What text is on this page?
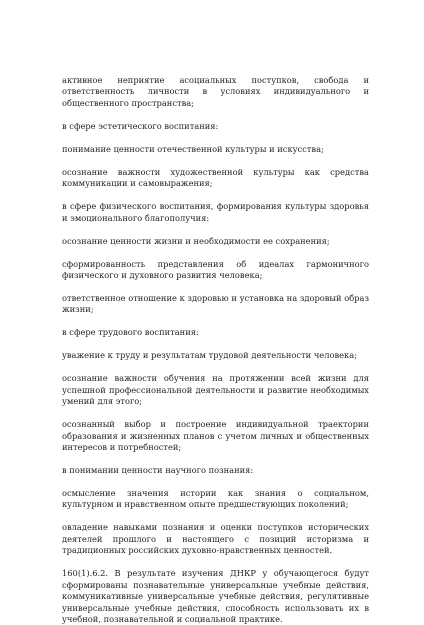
активное неприятие асоциальных поступков, свобода и ответственность личности в условиях индивидуального и общественного пространства;

в сфере эстетического воспитания:

понимание ценности отечественной культуры и искусства;

осознание важности художественной культуры как средства коммуникации и самовыражения;

в сфере физического воспитания, формирования культуры здоровья и эмоционального благополучия:

осознание ценности жизни и необходимости ее сохранения;

сформированность представления об идеалах гармоничного физического и духовного развития человека;

ответственное отношение к здоровью и установка на здоровый образ жизни;

в сфере трудового воспитания:

уважение к труду и результатам трудовой деятельности человека;

осознание важности обучения на протяжении всей жизни для успешной профессиональной деятельности и развитие необходимых умений для этого;

осознанный выбор и построение индивидуальной траектории образования и жизненных планов с учетом личных и общественных интересов и потребностей;

в понимании ценности научного познания:

осмысление значения истории как знания о социальном, культурном и нравственном опыте предшествующих поколений;

овладение навыками познания и оценки поступков исторических деятелей прошлого и настоящего с позиций историзма и традиционных российских духовно-нравственных ценностей.

160(1).6.2. В результате изучения ДНКР у обучающегося будут сформированы познавательные универсальные учебные действия, коммуникативные универсальные учебные действия, регулятивные универсальные учебные действия, способность использовать их в учебной, познавательной и социальной практике.
